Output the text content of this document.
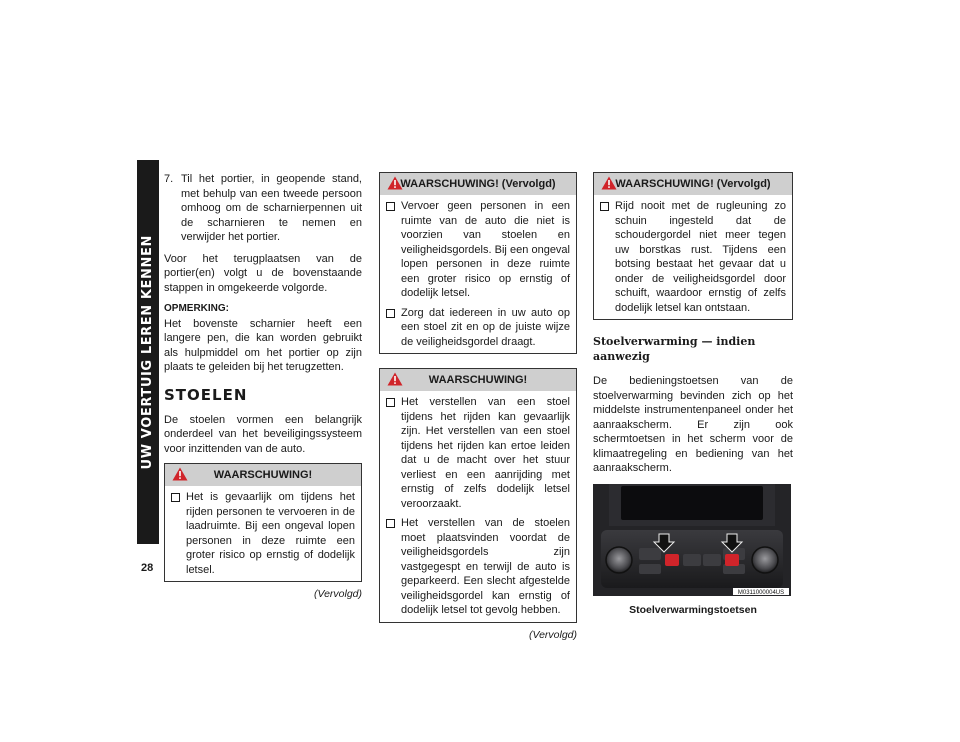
UW VOERTUIG LEREN KENNEN
28
7. Til het portier, in geopende stand, met behulp van een tweede persoon omhoog om de scharnierpennen uit de scharnieren te nemen en verwijder het portier.

Voor het terugplaatsen van de portier(en) volgt u de bovenstaande stappen in omgekeerde volgorde.

OPMERKING:

Het bovenste scharnier heeft een langere pen, die kan worden gebruikt als hulpmiddel om het portier op zijn plaats te geleiden bij het terugzetten.

STOELEN

De stoelen vormen een belangrijk onderdeel van het beveiligingssysteem voor inzittenden van de auto.

WAARSCHUWING!
Het is gevaarlijk om tijdens het rijden personen te vervoeren in de laadruimte. Bij een ongeval lopen personen in deze ruimte een groter risico op ernstig of dodelijk letsel.
(Vervolgd)
WAARSCHUWING! (Vervolgd)
Vervoer geen personen in een ruimte van de auto die niet is voorzien van stoelen en veiligheidsgordels. Bij een ongeval lopen personen in deze ruimte een groter risico op ernstig of dodelijk letsel.
Zorg dat iedereen in uw auto op een stoel zit en op de juiste wijze de veiligheidsgordel draagt.
WAARSCHUWING!
Het verstellen van een stoel tijdens het rijden kan gevaarlijk zijn. Het verstellen van een stoel tijdens het rijden kan ertoe leiden dat u de macht over het stuur verliest en een aanrijding met ernstig of zelfs dodelijk letsel veroorzaakt.
Het verstellen van de stoelen moet plaatsvinden voordat de veiligheidsgordels zijn vastgegespt en terwijl de auto is geparkeerd. Een slecht afgestelde veiligheidsgordel kan ernstig of dodelijk letsel tot gevolg hebben.
(Vervolgd)
WAARSCHUWING! (Vervolgd)
Rijd nooit met de rugleuning zo schuin ingesteld dat de schoudergordel niet meer tegen uw borstkas rust. Tijdens een botsing bestaat het gevaar dat u onder de veiligheidsgordel door schuift, waardoor ernstig of zelfs dodelijk letsel kan ontstaan.
Stoelverwarming — indien aanwezig

De bedieningstoetsen van de stoelverwarming bevinden zich op het middelste instrumentenpaneel onder het aanraakscherm. Er zijn ook schermtoetsen in het scherm voor de klimaatregeling en bediening van het aanraakscherm.

M0311000004US
Stoelverwarmingstoetsen
